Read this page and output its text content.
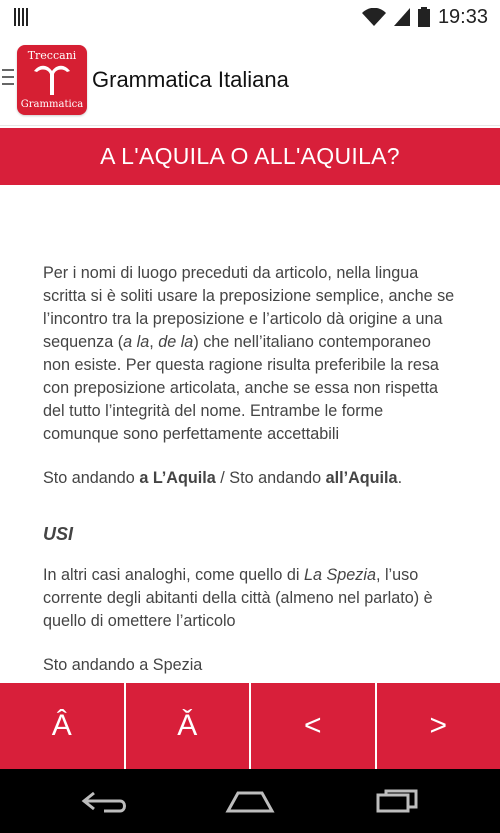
19:33
Treccani
Grammatica
Grammatica Italiana
A L'AQUILA O ALL'AQUILA?

Per i nomi di luogo preceduti da articolo, nella lingua scritta si è soliti usare la preposizione semplice, anche se l’incontro tra la preposizione e l’articolo dà origine a una sequenza (a la, de la) che nell’italiano contemporaneo non esiste. Per questa ragione risulta preferibile la resa con preposizione articolata, anche se essa non rispetta del tutto l’integrità del nome. Entrambe le forme comunque sono perfettamente accettabili

Sto andando a L’Aquila / Sto andando all’Aquila.

USI

In altri casi analoghi, come quello di La Spezia, l’uso corrente degli abitanti della città (almeno nel parlato) è quello di omettere l’articolo

Sto andando a Spezia

Â	Ǎ	<	>
